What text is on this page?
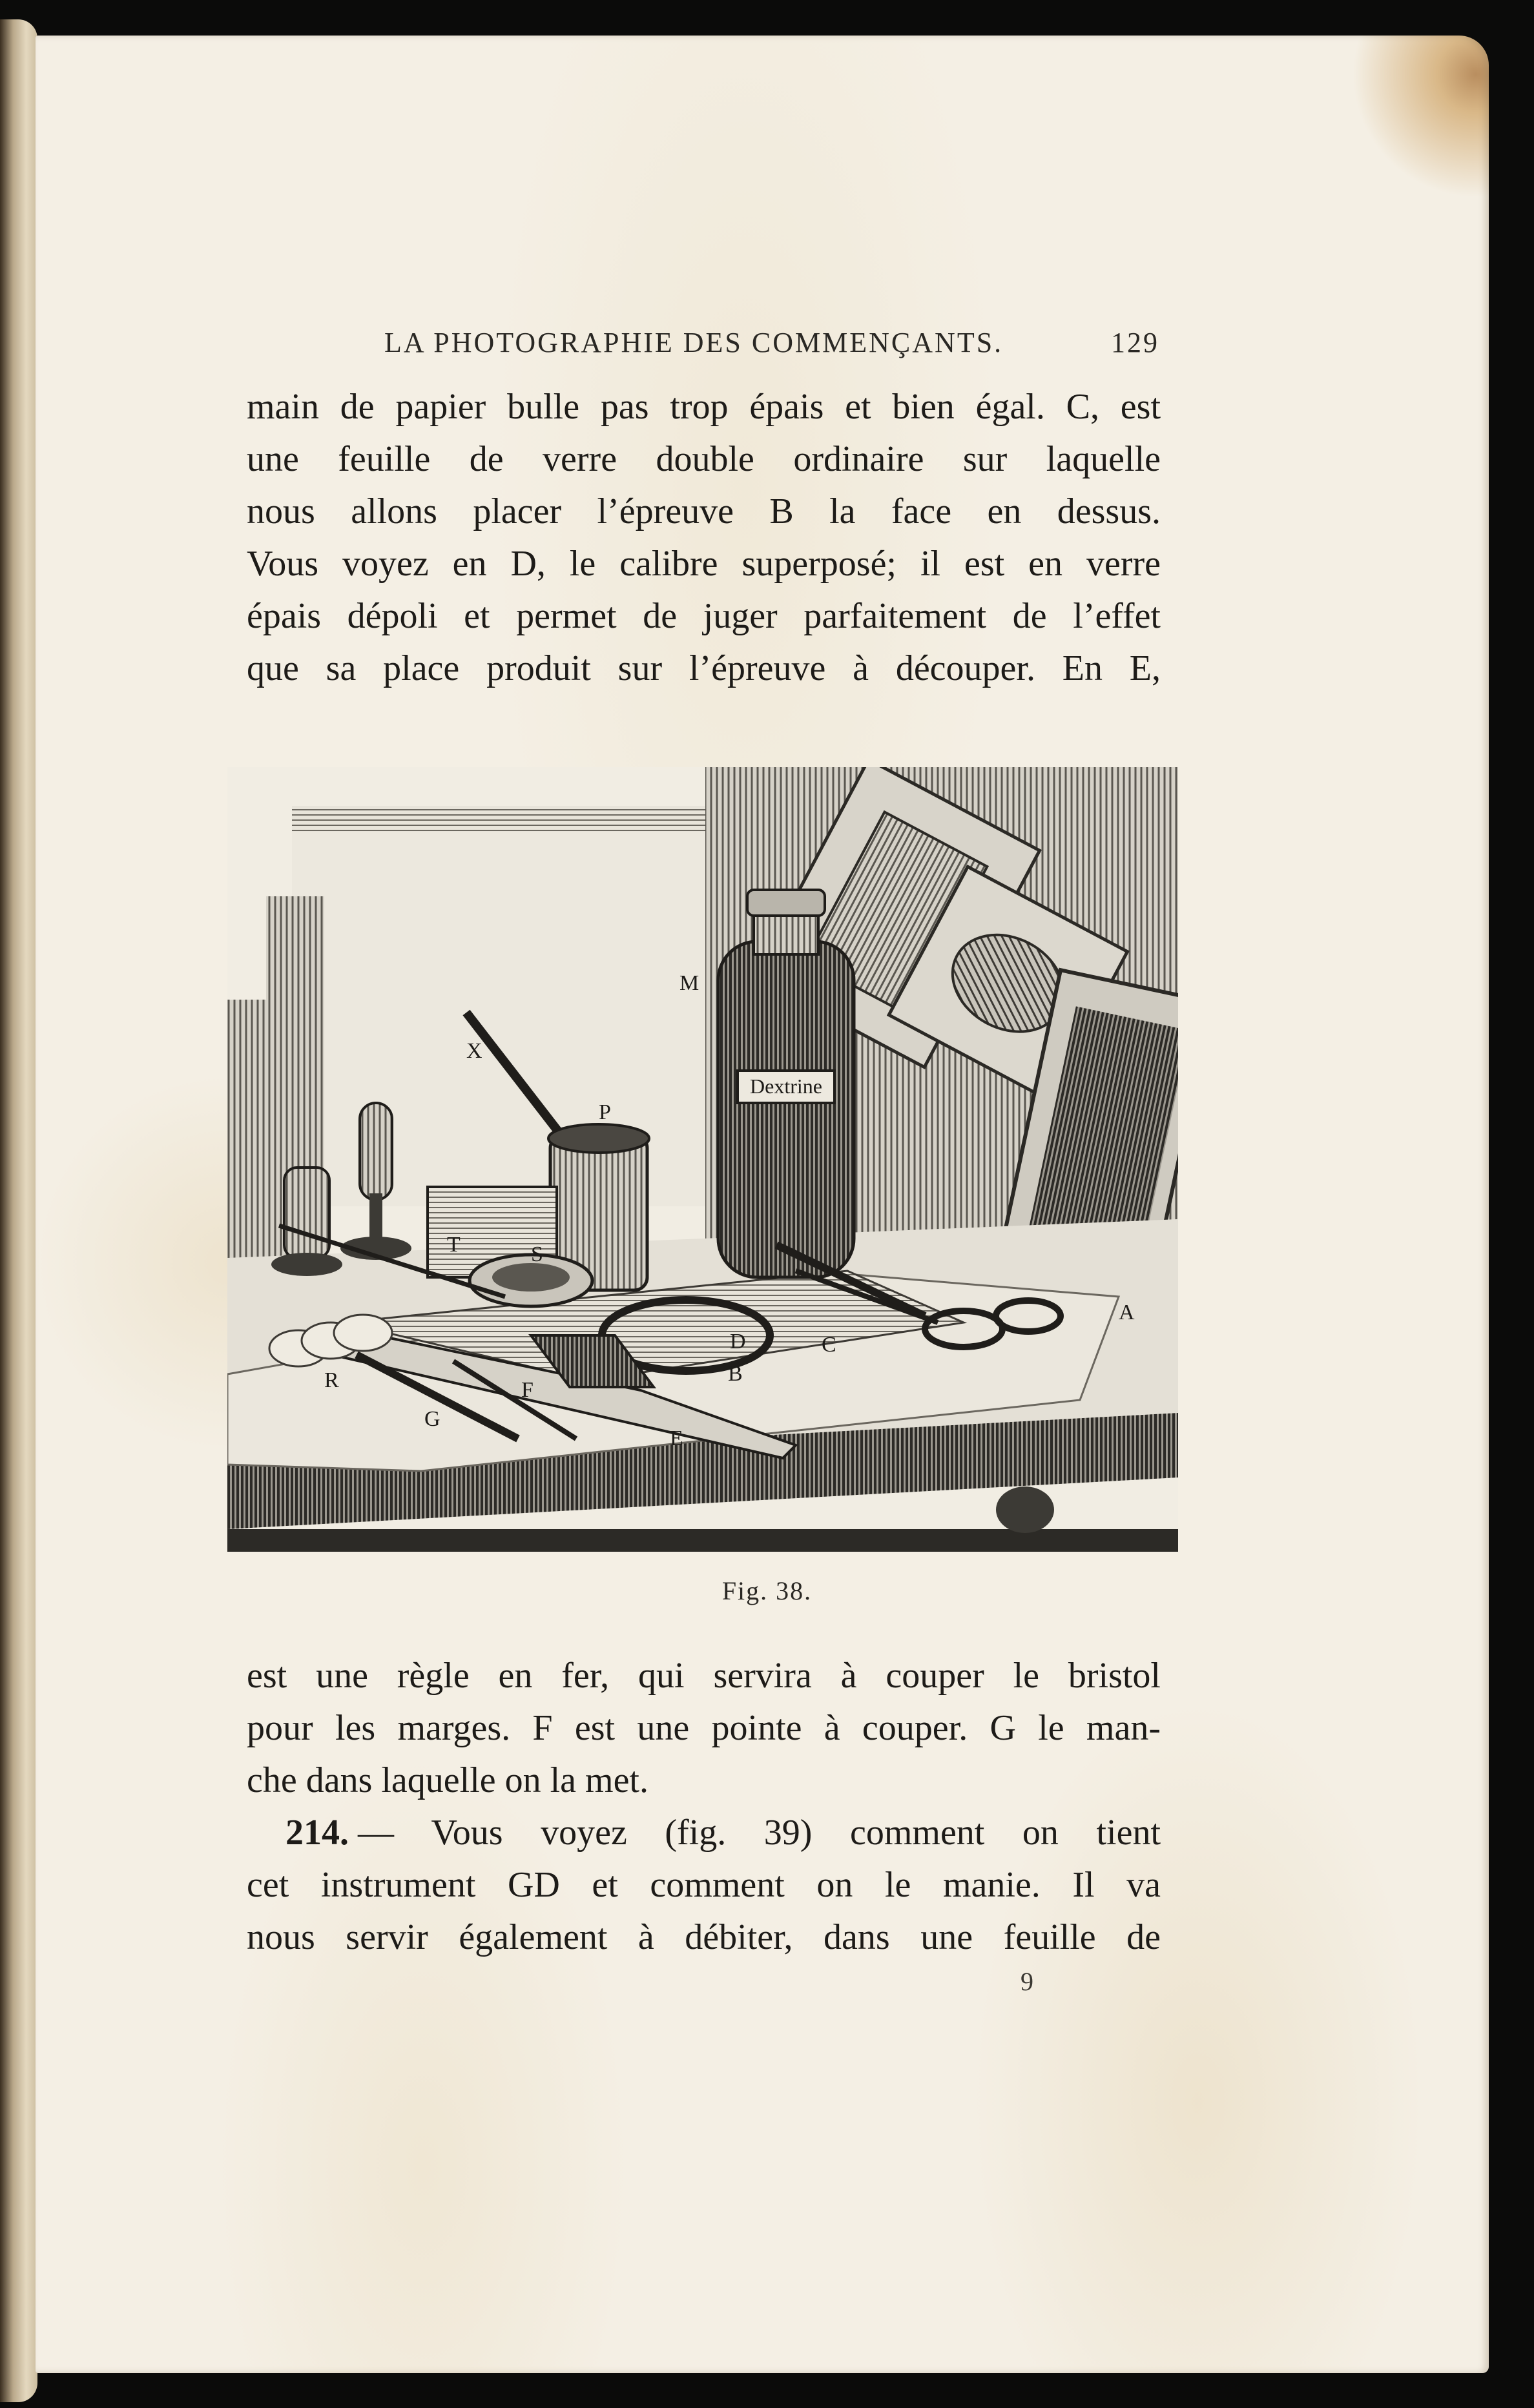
LA PHOTOGRAPHIE DES COMMENÇANTS.	129
main de papier bulle pas trop épais et bien égal. C, est
une feuille de verre double ordinaire sur laquelle
nous allons placer l’épreuve B la face en dessus.
Vous voyez en D, le calibre superposé; il est en verre
épais dépoli et permet de juger parfaitement de l’effet
que sa place produit sur l’épreuve à découper. En E,
Dextrine
M
X
P
T	S
R
G
F
E
B
D	C
A
Fig. 38.
est une règle en fer, qui servira à couper le bristol
pour les marges. F est une pointe à couper. G le man-
che dans laquelle on la met.
214. — Vous voyez (fig. 39) comment on tient
cet instrument GD et comment on le manie. Il va
nous servir également à débiter, dans une feuille de
9
